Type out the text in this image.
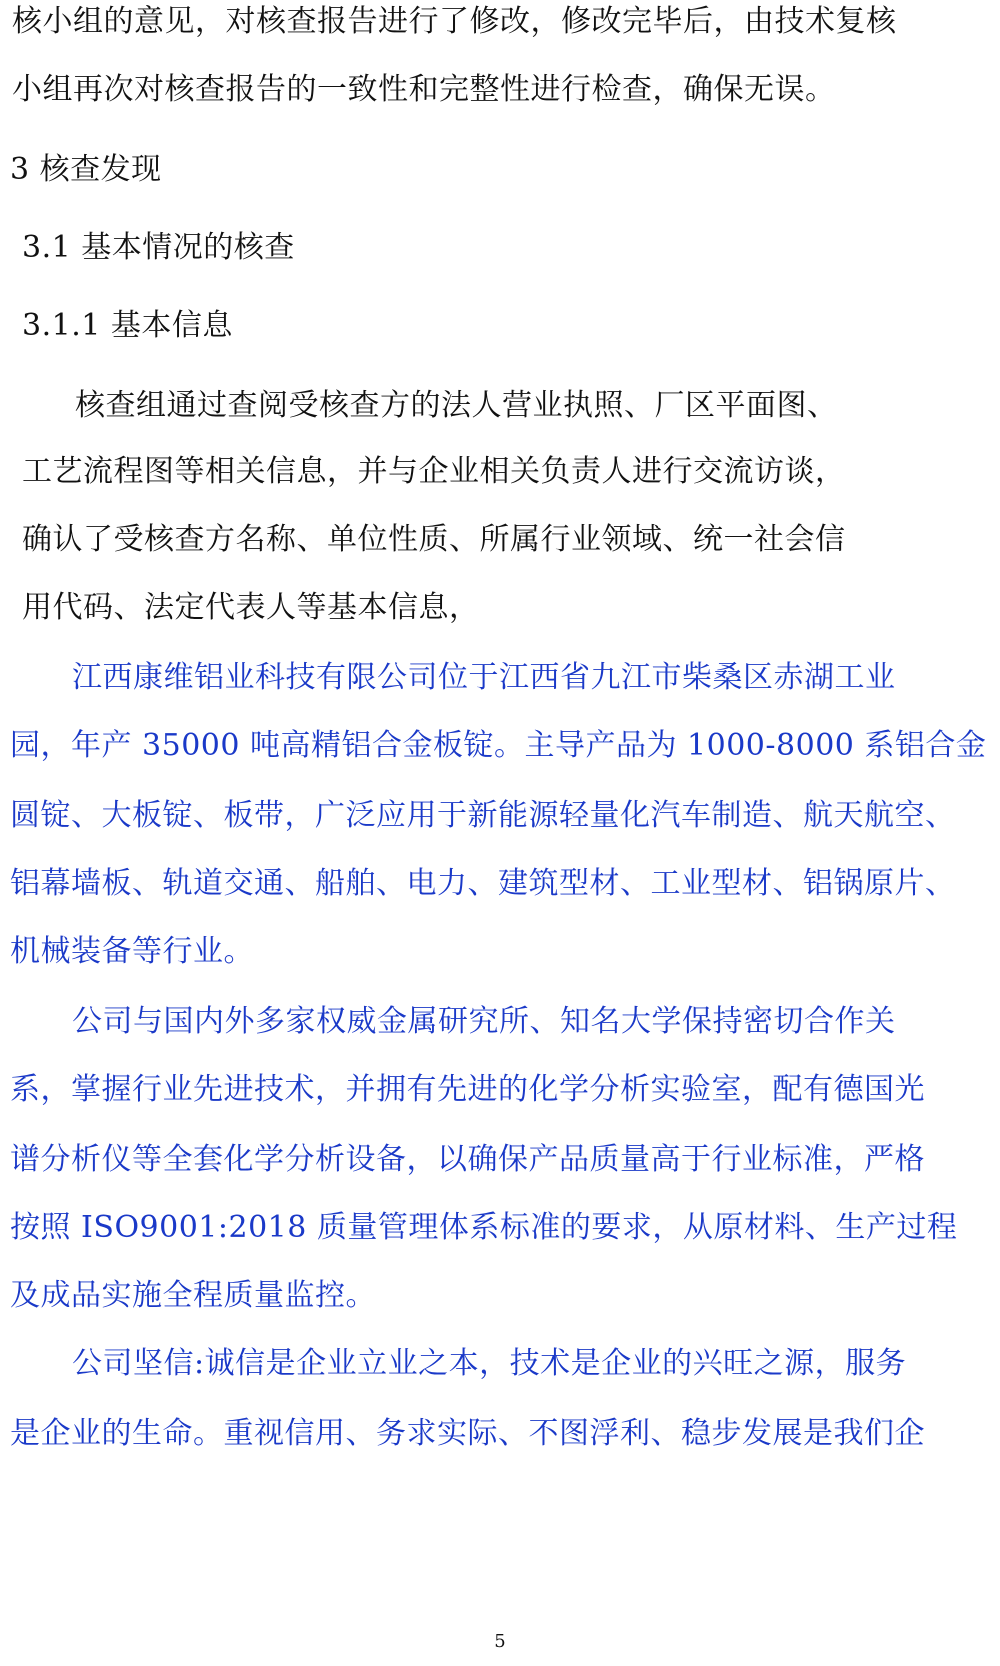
核小组的意见，对核查报告进行了修改，修改完毕后，由技术复核
小组再次对核查报告的一致性和完整性进行检查，确保无误。
3 核查发现
3.1 基本情况的核查
3.1.1 基本信息
核查组通过查阅受核查方的法人营业执照、厂区平面图、
工艺流程图等相关信息，并与企业相关负责人进行交流访谈，
确认了受核查方名称、单位性质、所属行业领域、统一社会信
用代码、法定代表人等基本信息，
江西康维铝业科技有限公司位于江西省九江市柴桑区赤湖工业
园，年产 35000 吨高精铝合金板锭。主导产品为 1000-8000 系铝合金
圆锭、大板锭、板带，广泛应用于新能源轻量化汽车制造、航天航空、
铝幕墙板、轨道交通、船舶、电力、建筑型材、工业型材、铝锅原片、
机械装备等行业。
公司与国内外多家权威金属研究所、知名大学保持密切合作关
系，掌握行业先进技术，并拥有先进的化学分析实验室，配有德国光
谱分析仪等全套化学分析设备，以确保产品质量高于行业标准，严格
按照 ISO9001:2018 质量管理体系标准的要求，从原材料、生产过程
及成品实施全程质量监控。
公司坚信:诚信是企业立业之本，技术是企业的兴旺之源，服务
是企业的生命。重视信用、务求实际、不图浮利、稳步发展是我们企
5
